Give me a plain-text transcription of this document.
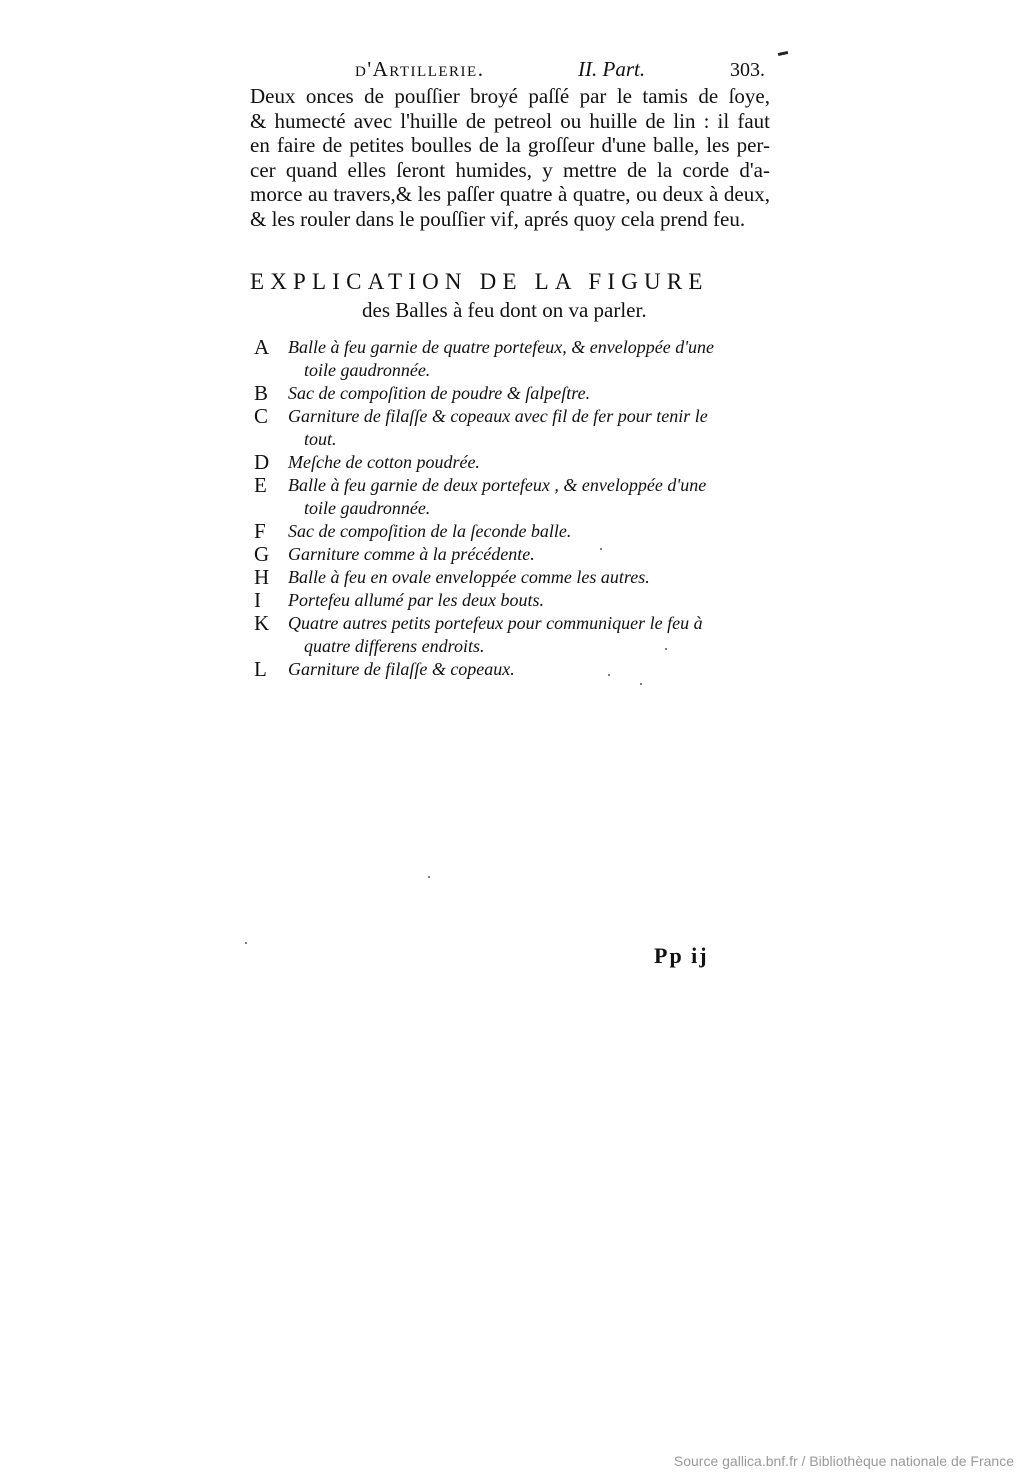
d'Artillerie.	II. Part.	303.
Deux onces de pouſſier broyé paſſé par le tamis de ſoye,
& humecté avec l'huille de petreol ou huille de lin : il faut
en faire de petites boulles de la groſſeur d'une balle, les per-
cer quand elles ſeront humides, y mettre de la corde d'a-
morce au travers,& les paſſer quatre à quatre, ou deux à deux,
& les rouler dans le pouſſier vif, aprés quoy cela prend feu.
EXPLICATION DE LA FIGURE
des Balles à feu dont on va parler.
A	Balle à feu garnie de quatre portefeux, & enveloppée d'une
toile gaudronnée.
B	Sac de compoſition de poudre & ſalpeſtre.
C	Garniture de filaſſe & copeaux avec fil de fer pour tenir le
tout.
D	Meſche de cotton poudrée.
E	Balle à feu garnie de deux portefeux , & enveloppée d'une
toile gaudronnée.
F	Sac de compoſition de la ſeconde balle.
G	Garniture comme à la précédente.
H	Balle à feu en ovale enveloppée comme les autres.
I	Portefeu allumé par les deux bouts.
K	Quatre autres petits portefeux pour communiquer le feu à
quatre differens endroits.
L	Garniture de filaſſe & copeaux.
Pp ij
Source gallica.bnf.fr / Bibliothèque nationale de France
